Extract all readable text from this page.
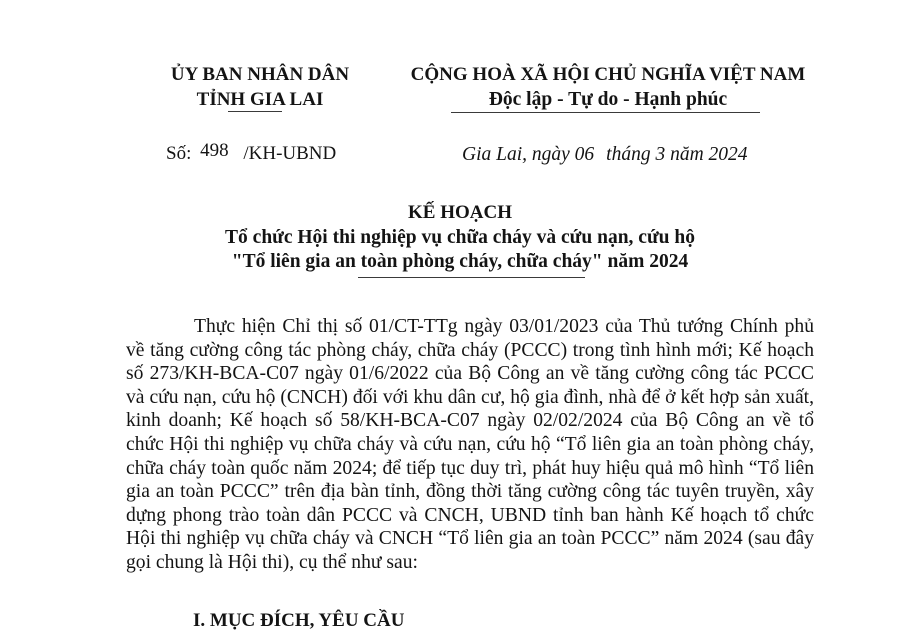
ỦY BAN NHÂN DÂN
TỈNH GIA LAI
CỘNG HOÀ XÃ HỘI CHỦ NGHĨA VIỆT NAM
Độc lập - Tự do - Hạnh phúc
Số: 498 /KH-UBND	Gia Lai, ngày 06 tháng 3 năm 2024
KẾ HOẠCH
Tổ chức Hội thi nghiệp vụ chữa cháy và cứu nạn, cứu hộ
"Tổ liên gia an toàn phòng cháy, chữa cháy" năm 2024

Thực hiện Chỉ thị số 01/CT-TTg ngày 03/01/2023 của Thủ tướng Chính phủ về tăng cường công tác phòng cháy, chữa cháy (PCCC) trong tình hình mới; Kế hoạch số 273/KH-BCA-C07 ngày 01/6/2022 của Bộ Công an về tăng cường công tác PCCC và cứu nạn, cứu hộ (CNCH) đối với khu dân cư, hộ gia đình, nhà để ở kết hợp sản xuất, kinh doanh; Kế hoạch số 58/KH-BCA-C07 ngày 02/02/2024 của Bộ Công an về tổ chức Hội thi nghiệp vụ chữa cháy và cứu nạn, cứu hộ “Tổ liên gia an toàn phòng cháy, chữa cháy toàn quốc năm 2024; để tiếp tục duy trì, phát huy hiệu quả mô hình “Tổ liên gia an toàn PCCC” trên địa bàn tỉnh, đồng thời tăng cường công tác tuyên truyền, xây dựng phong trào toàn dân PCCC và CNCH, UBND tỉnh ban hành Kế hoạch tổ chức Hội thi nghiệp vụ chữa cháy và CNCH “Tổ liên gia an toàn PCCC” năm 2024 (sau đây gọi chung là Hội thi), cụ thể như sau:

I. MỤC ĐÍCH, YÊU CẦU
